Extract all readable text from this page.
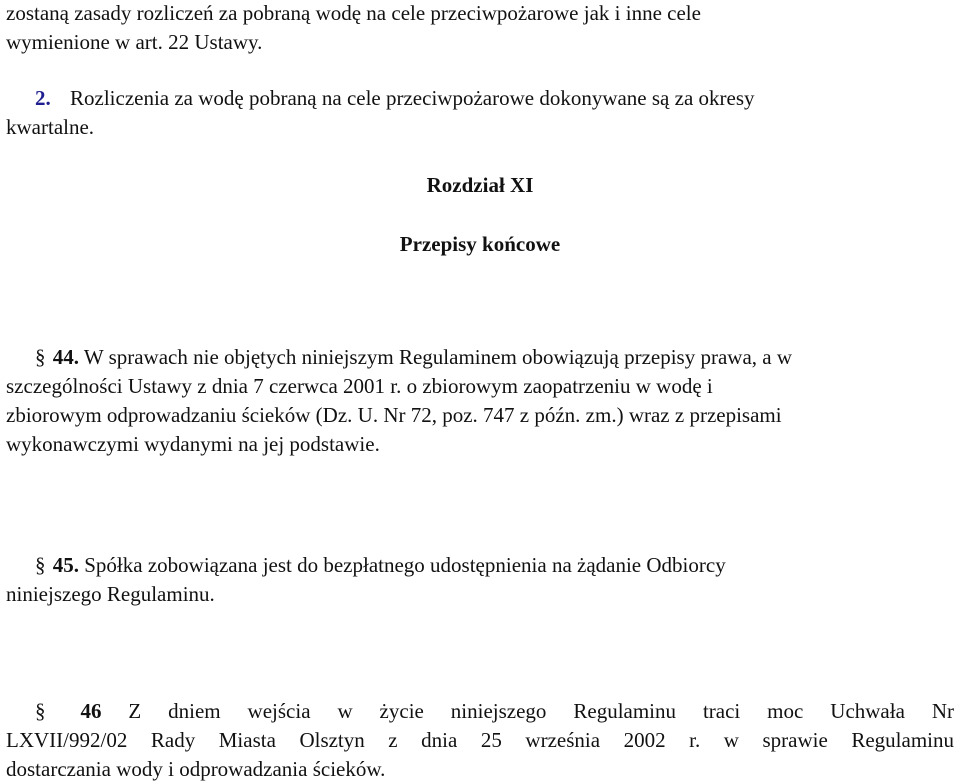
zostaną zasady rozliczeń za pobraną wodę na cele przeciwpożarowe jak i inne cele
wymienione w art. 22 Ustawy.
2. Rozliczenia za wodę pobraną na cele przeciwpożarowe dokonywane są za okresy
kwartalne.
Rozdział XI
Przepisy końcowe
§ 44. W sprawach nie objętych niniejszym Regulaminem obowiązują przepisy prawa, a w
szczególności Ustawy z dnia 7 czerwca 2001 r. o zbiorowym zaopatrzeniu w wodę i
zbiorowym odprowadzaniu ścieków (Dz. U. Nr 72, poz. 747 z późn. zm.) wraz z przepisami
wykonawczymi wydanymi na jej podstawie.
§ 45. Spółka zobowiązana jest do bezpłatnego udostępnienia na żądanie Odbiorcy
niniejszego Regulaminu.
§ 46 Z dniem wejścia w życie niniejszego Regulaminu traci moc Uchwała Nr
LXVII/992/02 Rady Miasta Olsztyn z dnia 25 września 2002 r. w sprawie Regulaminu
dostarczania wody i odprowadzania ścieków.
